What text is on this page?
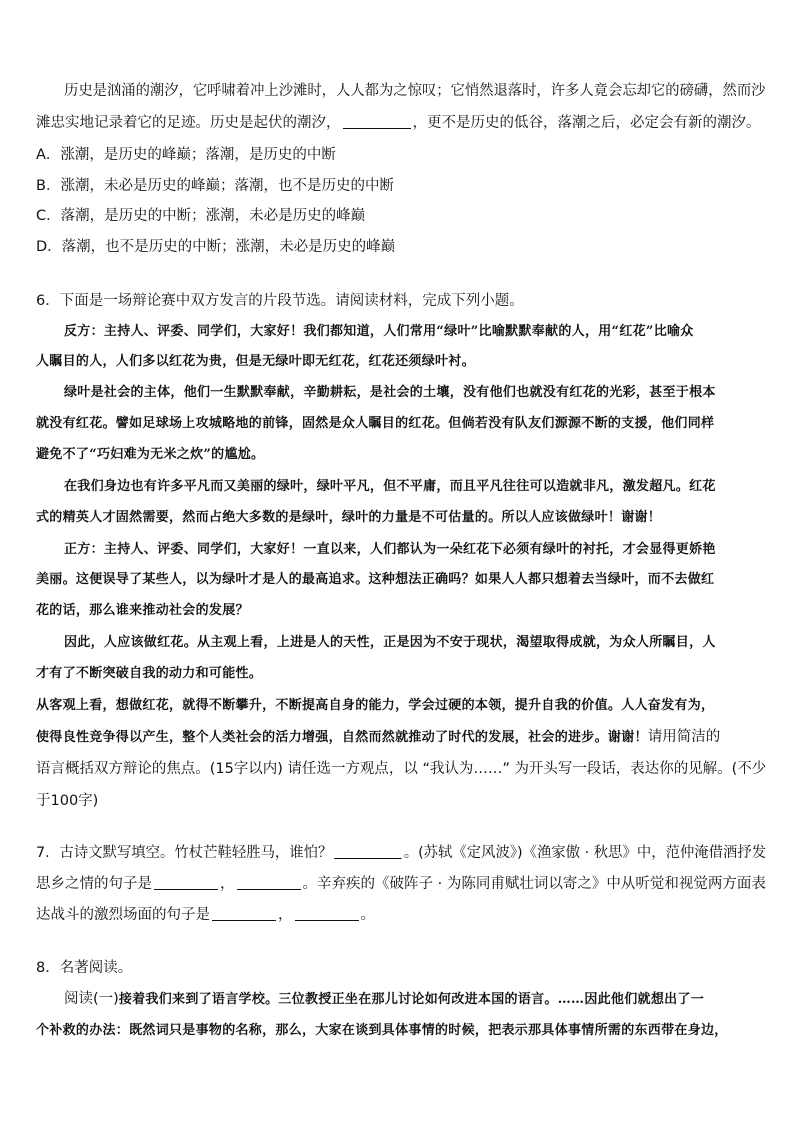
历史是汹涌的潮汐，它呼啸着冲上沙滩时，人人都为之惊叹；它悄然退落时，许多人竟会忘却它的磅礴，然而沙
滩忠实地记录着它的足迹。历史是起伏的潮汐，	，更不是历史的低谷，落潮之后，必定会有新的潮汐。
A．涨潮，是历史的峰巅；落潮，是历史的中断
B．涨潮，未必是历史的峰巅；落潮，也不是历史的中断
C．落潮，是历史的中断；涨潮，未必是历史的峰巅
D．落潮，也不是历史的中断；涨潮，未必是历史的峰巅
6．下面是一场辩论赛中双方发言的片段节选。请阅读材料，完成下列小题。
反方：主持人、评委、同学们，大家好！我们都知道，人们常用“绿叶”比喻默默奉献的人，用“红花”比喻众
人瞩目的人，人们多以红花为贵，但是无绿叶即无红花，红花还须绿叶衬。
绿叶是社会的主体，他们一生默默奉献，辛勤耕耘，是社会的土壤，没有他们也就没有红花的光彩，甚至于根本
就没有红花。譬如足球场上攻城略地的前锋，固然是众人瞩目的红花。但倘若没有队友们源源不断的支援，他们同样
避免不了“巧妇难为无米之炊”的尴尬。
在我们身边也有许多平凡而又美丽的绿叶，绿叶平凡，但不平庸，而且平凡往往可以造就非凡，激发超凡。红花
式的精英人才固然需要，然而占绝大多数的是绿叶，绿叶的力量是不可估量的。所以人应该做绿叶！谢谢！
正方：主持人、评委、同学们，大家好！一直以来，人们都认为一朵红花下必须有绿叶的衬托，才会显得更娇艳
美丽。这便误导了某些人，以为绿叶才是人的最高追求。这种想法正确吗？如果人人都只想着去当绿叶，而不去做红
花的话，那么谁来推动社会的发展？
因此，人应该做红花。从主观上看，上进是人的天性，正是因为不安于现状，渴望取得成就，为众人所瞩目，人
才有了不断突破自我的动力和可能性。
从客观上看，想做红花，就得不断攀升，不断提高自身的能力，学会过硬的本领，提升自我的价值。人人奋发有为，
使得良性竞争得以产生，整个人类社会的活力增强，自然而然就推动了时代的发展，社会的进步。谢谢！请用简洁的
语言概括双方辩论的焦点。(15字以内) 请任选一方观点，以 “我认为……” 为开头写一段话，表达你的见解。(不少
于100字)
7．古诗文默写填空。竹杖芒鞋轻胜马，谁怕？	。(苏轼《定风波》)《渔家傲 · 秋思》中，范仲淹借酒抒发
思乡之情的句子是	，	。辛弃疾的《破阵子 · 为陈同甫赋壮词以寄之》中从听觉和视觉两方面表
达战斗的激烈场面的句子是	，	。
8．名著阅读。
阅读(一)接着我们来到了语言学校。三位教授正坐在那儿讨论如何改进本国的语言。……因此他们就想出了一
个补救的办法：既然词只是事物的名称，那么，大家在谈到具体事情的时候，把表示那具体事情所需的东西带在身边，
